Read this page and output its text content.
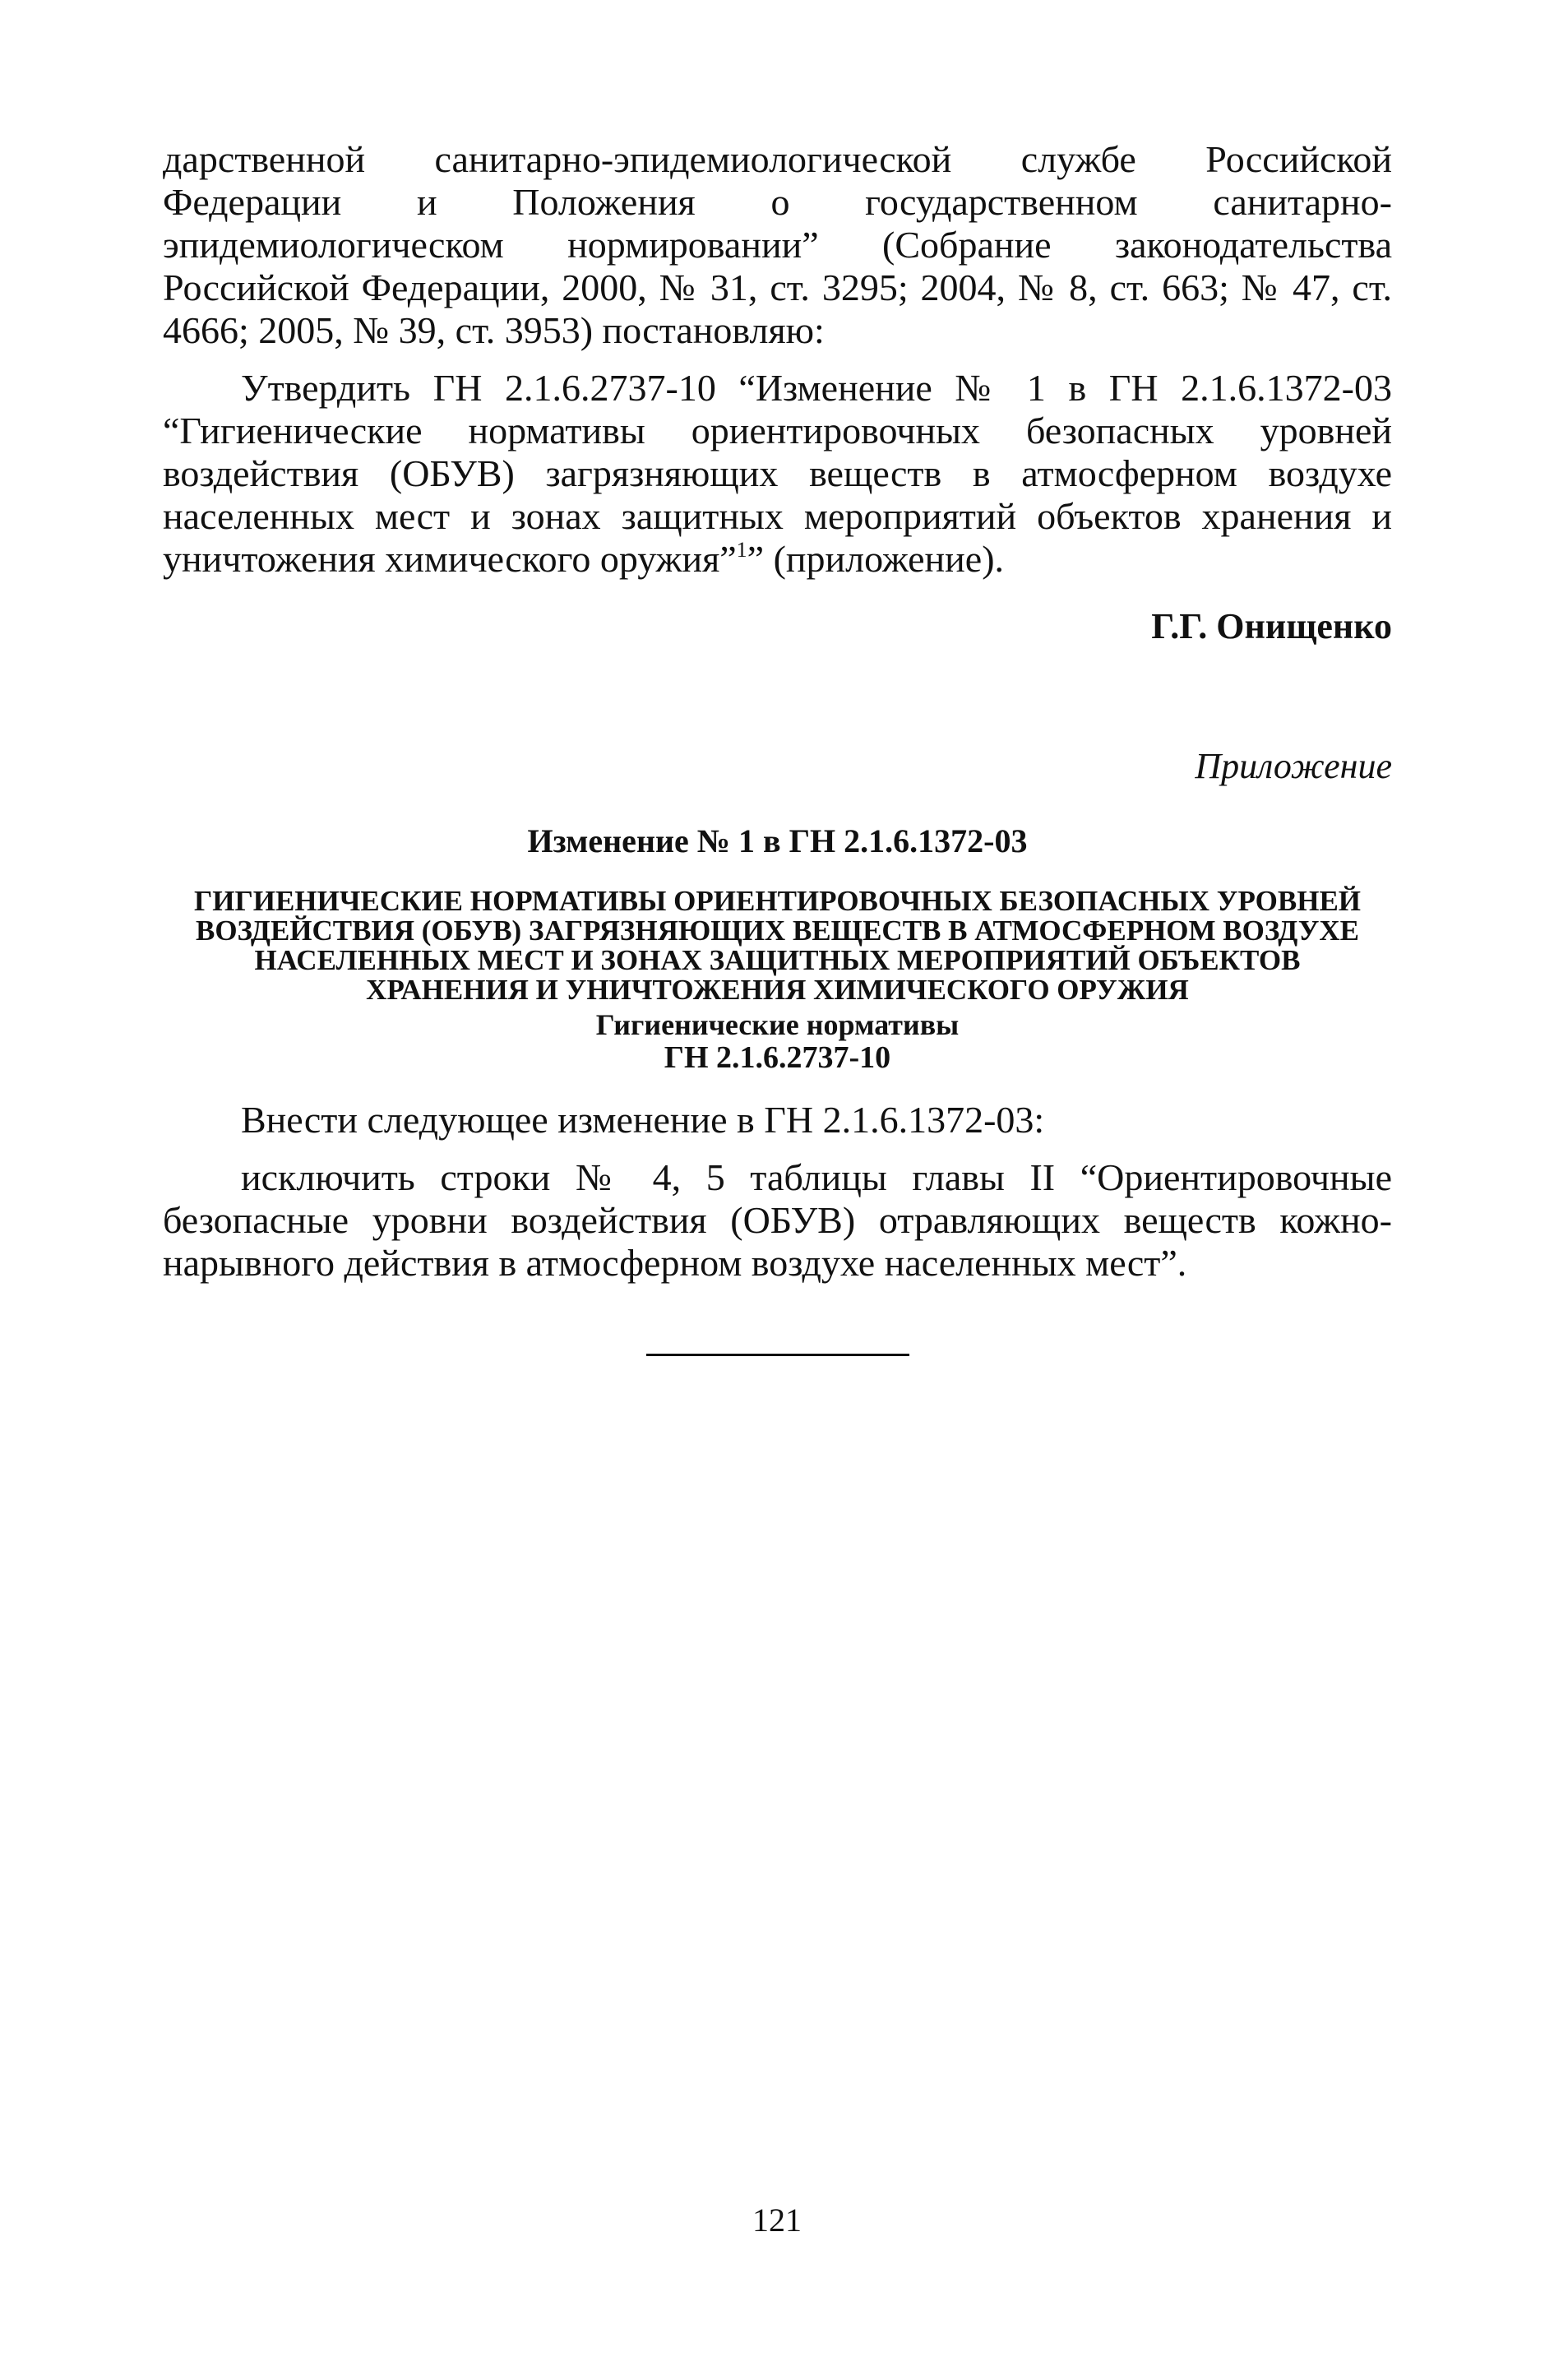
дарственной санитарно-эпидемиологической службе Российской Федерации и Положения о государственном санитарно-эпидемиологическом нормировании” (Собрание законодательства Российской Федерации, 2000, № 31, ст. 3295; 2004, № 8, ст. 663; № 47, ст. 4666; 2005, № 39, ст. 3953) постановляю:

Утвердить ГН 2.1.6.2737-10 “Изменение № 1 в ГН 2.1.6.1372-03 “Гигиенические нормативы ориентировочных безопасных уровней воздействия (ОБУВ) загрязняющих веществ в атмосферном воздухе населенных мест и зонах защитных мероприятий объектов хранения и уничтожения химического оружия”$^1$” (приложение).

Г.Г. Онищенко
Приложение
Изменение № 1 в ГН 2.1.6.1372-03
ГИГИЕНИЧЕСКИЕ НОРМАТИВЫ ОРИЕНТИРОВОЧНЫХ БЕЗОПАСНЫХ УРОВНЕЙ ВОЗДЕЙСТВИЯ (ОБУВ) ЗАГРЯЗНЯЮЩИХ ВЕЩЕСТВ В АТМОСФЕРНОМ ВОЗДУХЕ НАСЕЛЕННЫХ МЕСТ И ЗОНАХ ЗАЩИТНЫХ МЕРОПРИЯТИЙ ОБЪЕКТОВ ХРАНЕНИЯ И УНИЧТОЖЕНИЯ ХИМИЧЕСКОГО ОРУЖИЯ
Гигиенические нормативы
ГН 2.1.6.2737-10

Внести следующее изменение в ГН 2.1.6.1372-03:

исключить строки № 4, 5 таблицы главы II “Ориентировочные безопасные уровни воздействия (ОБУВ) отравляющих веществ кожно-нарывного действия в атмосферном воздухе населенных мест”.

121
